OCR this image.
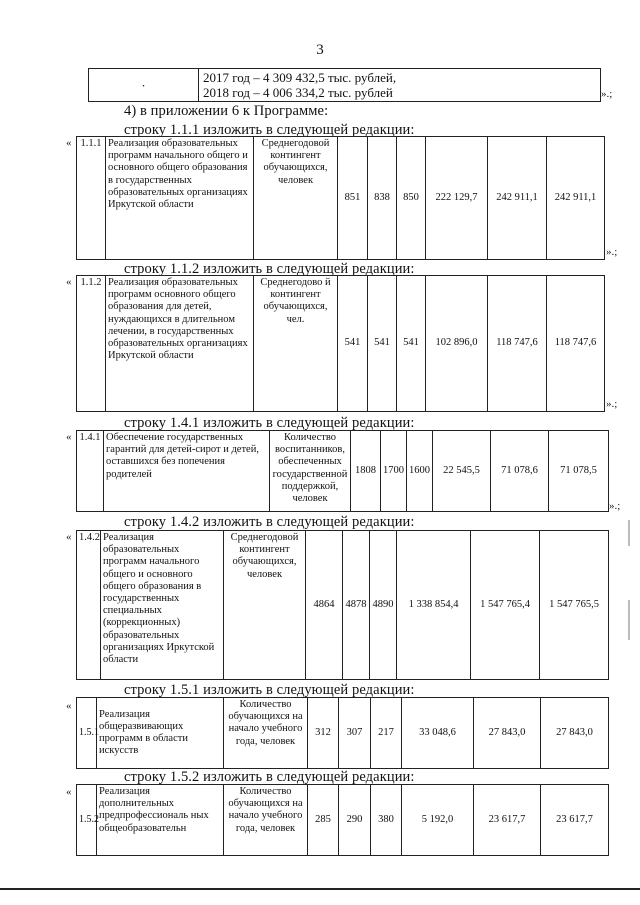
3
·	2017 год – 4 309 432,5 тыс. рублей,
2018 год – 4 006 334,2 тыс. рублей	».;
4) в приложении 6 к Программе:
строку 1.1.1 изложить в следующей редакции:
« 1.1.1	Реализация образовательных программ начального общего и основного общего образования в государственных образовательных организациях Иркутской области	Среднегодовой контингент обучающихся, человек	851	838	850	222 129,7	242 911,1	242 911,1
».;
строку 1.1.2 изложить в следующей редакции:
« 1.1.2	Реализация образовательных программ основного общего образования для детей, нуждающихся в длительном лечении, в государственных образовательных организациях Иркутской области	Среднегодово й контингент обучающихся, чел.	541	541	541	102 896,0	118 747,6	118 747,6
».;
строку 1.4.1 изложить в следующей редакции:
« 1.4.1	Обеспечение государственных гарантий для детей-сирот и детей, оставшихся без попечения родителей	Количество воспитанников, обеспеченных государственной поддержкой, человек	1808	1700	1600	22 545,5	71 078,6	71 078,5
».;
строку 1.4.2 изложить в следующей редакции:
« 1.4.2	Реализация образовательных программ начального общего и основного общего образования в государственных специальных (коррекционных) образовательных организациях Иркутской области	Среднегодовой контингент обучающихся, человек	4864	4878	4890	1 338 854,4	1 547 765,4	1 547 765,5
строку 1.5.1 изложить в следующей редакции:
«
1.5.1	Реализация общеразвивающих программ в области искусств	Количество обучающихся на начало учебного года, человек	312	307	217	33 048,6	27 843,0	27 843,0
строку 1.5.2 изложить в следующей редакции:
«
1.5.2	Реализация дополнительных предпрофессиональ ных общеобразовательн	Количество обучающихся на начало учебного года, человек	285	290	380	5 192,0	23 617,7	23 617,7
